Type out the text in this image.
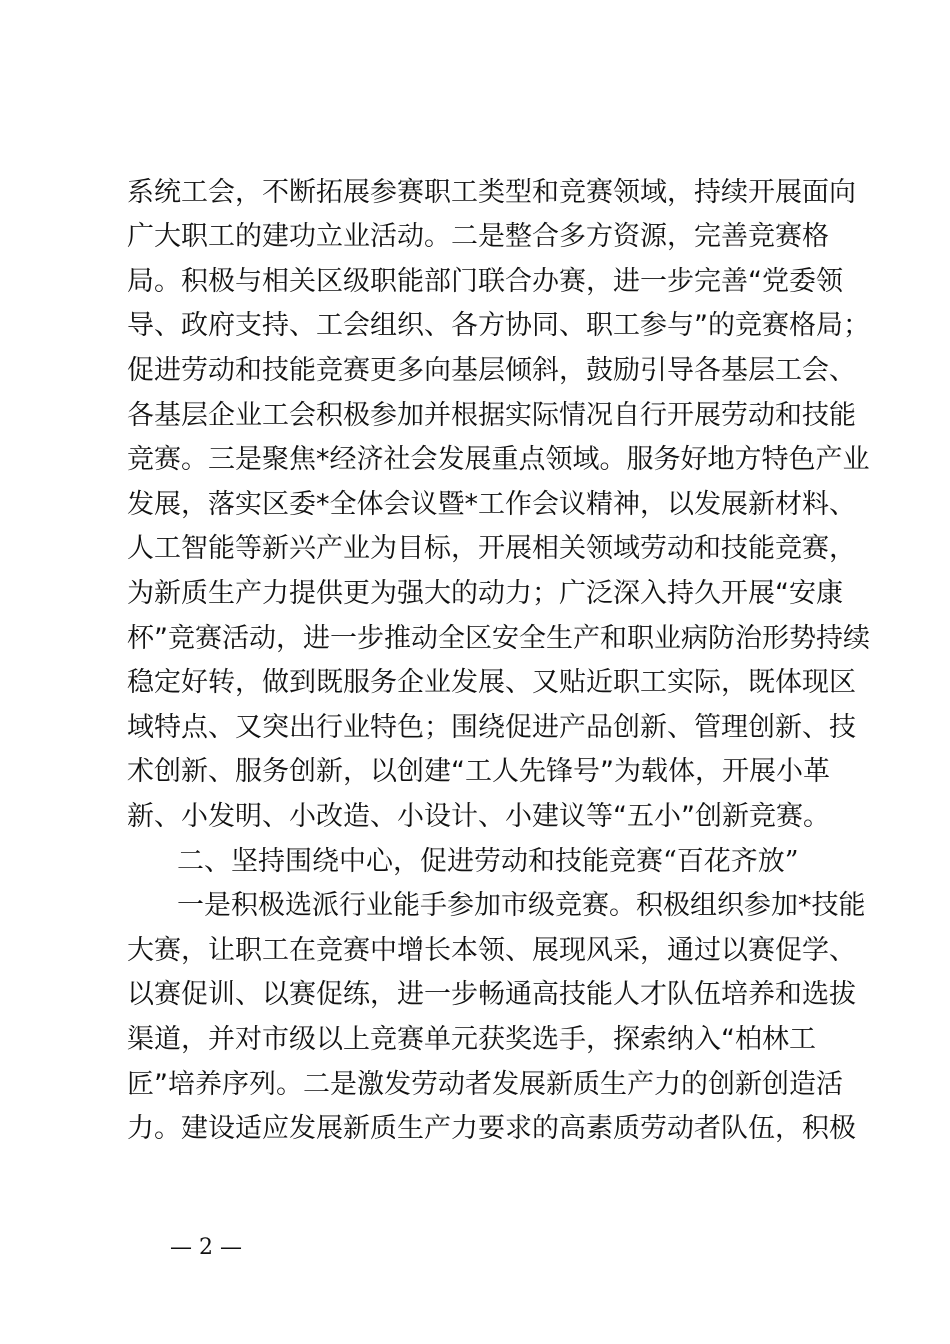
系统工会，不断拓展参赛职工类型和竞赛领域，持续开展面向
广大职工的建功立业活动。二是整合多方资源，完善竞赛格
局。积极与相关区级职能部门联合办赛，进一步完善“党委领
导、政府支持、工会组织、各方协同、职工参与”的竞赛格局；
促进劳动和技能竞赛更多向基层倾斜，鼓励引导各基层工会、
各基层企业工会积极参加并根据实际情况自行开展劳动和技能
竞赛。三是聚焦*经济社会发展重点领域。服务好地方特色产业
发展，落实区委*全体会议暨*工作会议精神，以发展新材料、
人工智能等新兴产业为目标，开展相关领域劳动和技能竞赛，
为新质生产力提供更为强大的动力；广泛深入持久开展“安康
杯”竞赛活动，进一步推动全区安全生产和职业病防治形势持续
稳定好转，做到既服务企业发展、又贴近职工实际，既体现区
域特点、又突出行业特色；围绕促进产品创新、管理创新、技
术创新、服务创新，以创建“工人先锋号”为载体，开展小革
新、小发明、小改造、小设计、小建议等“五小”创新竞赛。
二、坚持围绕中心，促进劳动和技能竞赛“百花齐放”
一是积极选派行业能手参加市级竞赛。积极组织参加*技能
大赛，让职工在竞赛中增长本领、展现风采，通过以赛促学、
以赛促训、以赛促练，进一步畅通高技能人才队伍培养和选拔
渠道，并对市级以上竞赛单元获奖选手，探索纳入“柏林工
匠”培养序列。二是激发劳动者发展新质生产力的创新创造活
力。建设适应发展新质生产力要求的高素质劳动者队伍，积极
— 2 —
